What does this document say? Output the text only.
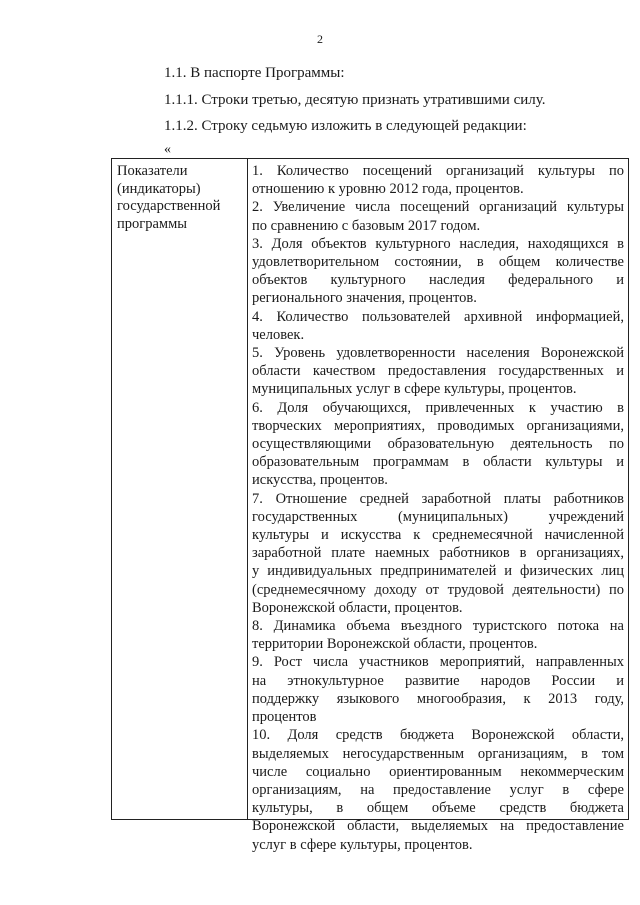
2
1.1. В паспорте Программы:
1.1.1. Строки третью, десятую признать утратившими силу.
1.1.2. Строку седьмую изложить в следующей редакции:
«
Показатели
(индикаторы)
государственной
программы
1. Количество посещений организаций культуры по
отношению к уровню 2012 года, процентов.
2. Увеличение числа посещений организаций культуры
по сравнению с базовым 2017 годом.
3. Доля объектов культурного наследия, находящихся в
удовлетворительном состоянии, в общем количестве
объектов культурного наследия федерального и
регионального значения, процентов.
4. Количество пользователей архивной информацией,
человек.
5. Уровень удовлетворенности населения Воронежской
области качеством предоставления государственных и
муниципальных услуг в сфере культуры, процентов.
6. Доля обучающихся, привлеченных к участию в
творческих мероприятиях, проводимых организациями,
осуществляющими образовательную деятельность по
образовательным программам в области культуры и
искусства, процентов.
7. Отношение средней заработной платы работников
государственных (муниципальных) учреждений
культуры и искусства к среднемесячной начисленной
заработной плате наемных работников в организациях,
у индивидуальных предпринимателей и физических лиц
(среднемесячному доходу от трудовой деятельности) по
Воронежской области, процентов.
8. Динамика объема въездного туристского потока на
территории Воронежской области, процентов.
9. Рост числа участников мероприятий, направленных
на этнокультурное развитие народов России и
поддержку языкового многообразия, к 2013 году,
процентов
10. Доля средств бюджета Воронежской области,
выделяемых негосударственным организациям, в том
числе социально ориентированным некоммерческим
организациям, на предоставление услуг в сфере
культуры, в общем объеме средств бюджета
Воронежской области, выделяемых на предоставление
услуг в сфере культуры, процентов.
